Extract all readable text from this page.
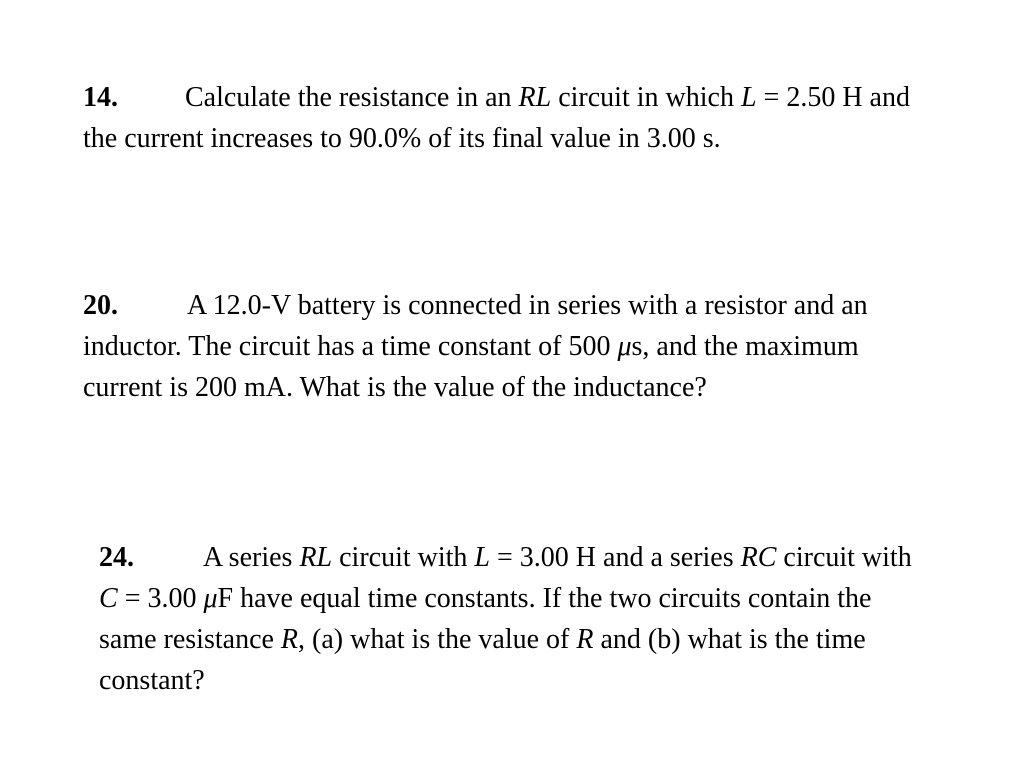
14. Calculate the resistance in an RL circuit in which L = 2.50 H and the current increases to 90.0% of its final value in 3.00 s.

20. A 12.0-V battery is connected in series with a resistor and an inductor. The circuit has a time constant of 500 μs, and the maximum current is 200 mA. What is the value of the inductance?

24. A series RL circuit with L = 3.00 H and a series RC circuit with C = 3.00 μF have equal time constants. If the two circuits contain the same resistance R, (a) what is the value of R and (b) what is the time constant?
